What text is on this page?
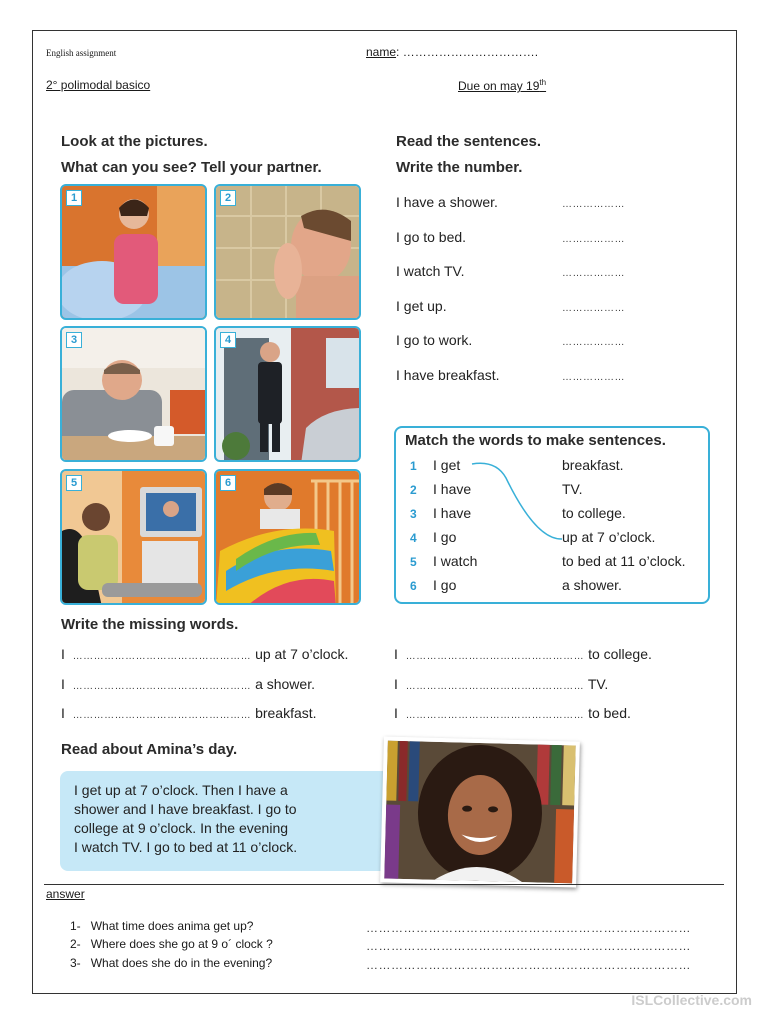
English assignment	name: …………………………….
2° polimodal basico	Due on may 19th
Look at the pictures.
What can you see? Tell your partner.
1	2
3	4
5	6
Read the sentences.
Write the number.
I have a shower.	………………
I go to bed.	………………
I watch TV.	………………
I get up.	………………
I go to work.	………………
I have breakfast.	………………
Match the words to make sentences.
1 I get	breakfast.
2 I have	TV.
3 I have	to college.
4 I go	up at 7 o’clock.
5 I watch	to bed at 11 o’clock.
6 I go	a shower.
Write the missing words.
I …………………………………………… up at 7 o’clock.
I …………………………………………… a shower.
I …………………………………………… breakfast.
I …………………………………………… to college.
I …………………………………………… TV.
I …………………………………………… to bed.
Read about Amina’s day.
I get up at 7 o’clock. Then I have a
shower and I have breakfast. I go to
college at 9 o’clock. In the evening
I watch TV. I go to bed at 11 o’clock.
answer
1- What time does anima get up?	……………………………………………………………………
2- Where does she go at 9 o´ clock ?	……………………………………………………………………
3- What does she do in the evening?	……………………………………………………………………
ISLCollective.com
